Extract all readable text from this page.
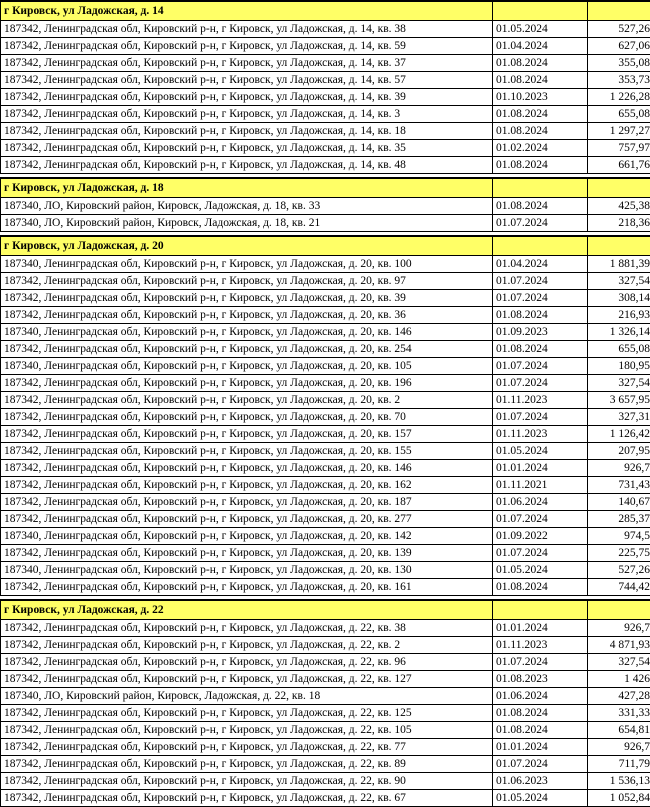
г Кировск, ул Ладожская, д. 14		
187342, Ленинградская обл, Кировский р-н, г Кировск, ул Ладожская, д. 14, кв. 38	01.05.2024	527,26
187342, Ленинградская обл, Кировский р-н, г Кировск, ул Ладожская, д. 14, кв. 59	01.04.2024	627,06
187342, Ленинградская обл, Кировский р-н, г Кировск, ул Ладожская, д. 14, кв. 37	01.08.2024	355,08
187342, Ленинградская обл, Кировский р-н, г Кировск, ул Ладожская, д. 14, кв. 57	01.08.2024	353,73
187342, Ленинградская обл, Кировский р-н, г Кировск, ул Ладожская, д. 14, кв. 39	01.10.2023	1 226,28
187342, Ленинградская обл, Кировский р-н, г Кировск, ул Ладожская, д. 14, кв. 3	01.08.2024	655,08
187342, Ленинградская обл, Кировский р-н, г Кировск, ул Ладожская, д. 14, кв. 18	01.08.2024	1 297,27
187342, Ленинградская обл, Кировский р-н, г Кировск, ул Ладожская, д. 14, кв. 35	01.02.2024	757,97
187342, Ленинградская обл, Кировский р-н, г Кировск, ул Ладожская, д. 14, кв. 48	01.08.2024	661,76

г Кировск, ул Ладожская, д. 18		
187340, ЛО, Кировский район, Кировск, Ладожская, д. 18, кв. 33	01.08.2024	425,38
187340, ЛО, Кировский район, Кировск, Ладожская, д. 18, кв. 21	01.07.2024	218,36

г Кировск, ул Ладожская, д. 20		
187340, Ленинградская обл, Кировский р-н, г Кировск, ул Ладожская, д. 20, кв. 100	01.04.2024	1 881,39
187342, Ленинградская обл, Кировский р-н, г Кировск, ул Ладожская, д. 20, кв. 97	01.07.2024	327,54
187342, Ленинградская обл, Кировский р-н, г Кировск, ул Ладожская, д. 20, кв. 39	01.07.2024	308,14
187342, Ленинградская обл, Кировский р-н, г Кировск, ул Ладожская, д. 20, кв. 36	01.08.2024	216,93
187340, Ленинградская обл, Кировский р-н, г Кировск, ул Ладожская, д. 20, кв. 146	01.09.2023	1 326,14
187342, Ленинградская обл, Кировский р-н, г Кировск, ул Ладожская, д. 20, кв. 254	01.08.2024	655,08
187340, Ленинградская обл, Кировский р-н, г Кировск, ул Ладожская, д. 20, кв. 105	01.07.2024	180,95
187342, Ленинградская обл, Кировский р-н, г Кировск, ул Ладожская, д. 20, кв. 196	01.07.2024	327,54
187342, Ленинградская обл, Кировский р-н, г Кировск, ул Ладожская, д. 20, кв. 2	01.11.2023	3 657,95
187342, Ленинградская обл, Кировский р-н, г Кировск, ул Ладожская, д. 20, кв. 70	01.07.2024	327,31
187342, Ленинградская обл, Кировский р-н, г Кировск, ул Ладожская, д. 20, кв. 157	01.11.2023	1 126,42
187342, Ленинградская обл, Кировский р-н, г Кировск, ул Ладожская, д. 20, кв. 155	01.05.2024	207,95
187342, Ленинградская обл, Кировский р-н, г Кировск, ул Ладожская, д. 20, кв. 146	01.01.2024	926,7
187342, Ленинградская обл, Кировский р-н, г Кировск, ул Ладожская, д. 20, кв. 162	01.11.2021	731,43
187342, Ленинградская обл, Кировский р-н, г Кировск, ул Ладожская, д. 20, кв. 187	01.06.2024	140,67
187342, Ленинградская обл, Кировский р-н, г Кировск, ул Ладожская, д. 20, кв. 277	01.07.2024	285,37
187340, Ленинградская обл, Кировский р-н, г Кировск, ул Ладожская, д. 20, кв. 142	01.09.2022	974,5
187342, Ленинградская обл, Кировский р-н, г Кировск, ул Ладожская, д. 20, кв. 139	01.07.2024	225,75
187340, Ленинградская обл, Кировский р-н, г Кировск, ул Ладожская, д. 20, кв. 130	01.05.2024	527,26
187342, Ленинградская обл, Кировский р-н, г Кировск, ул Ладожская, д. 20, кв. 161	01.08.2024	744,42

г Кировск, ул Ладожская, д. 22		
187342, Ленинградская обл, Кировский р-н, г Кировск, ул Ладожская, д. 22, кв. 38	01.01.2024	926,7
187342, Ленинградская обл, Кировский р-н, г Кировск, ул Ладожская, д. 22, кв. 2	01.11.2023	4 871,93
187342, Ленинградская обл, Кировский р-н, г Кировск, ул Ладожская, д. 22, кв. 96	01.07.2024	327,54
187342, Ленинградская обл, Кировский р-н, г Кировск, ул Ладожская, д. 22, кв. 127	01.08.2023	1 426
187340, ЛО, Кировский район, Кировск, Ладожская, д. 22, кв. 18	01.06.2024	427,28
187342, Ленинградская обл, Кировский р-н, г Кировск, ул Ладожская, д. 22, кв. 125	01.08.2024	331,33
187342, Ленинградская обл, Кировский р-н, г Кировск, ул Ладожская, д. 22, кв. 105	01.08.2024	654,81
187342, Ленинградская обл, Кировский р-н, г Кировск, ул Ладожская, д. 22, кв. 77	01.01.2024	926,7
187342, Ленинградская обл, Кировский р-н, г Кировск, ул Ладожская, д. 22, кв. 89	01.07.2024	711,79
187342, Ленинградская обл, Кировский р-н, г Кировск, ул Ладожская, д. 22, кв. 90	01.06.2023	1 536,13
187342, Ленинградская обл, Кировский р-н, г Кировск, ул Ладожская, д. 22, кв. 67	01.05.2024	1 052,84
